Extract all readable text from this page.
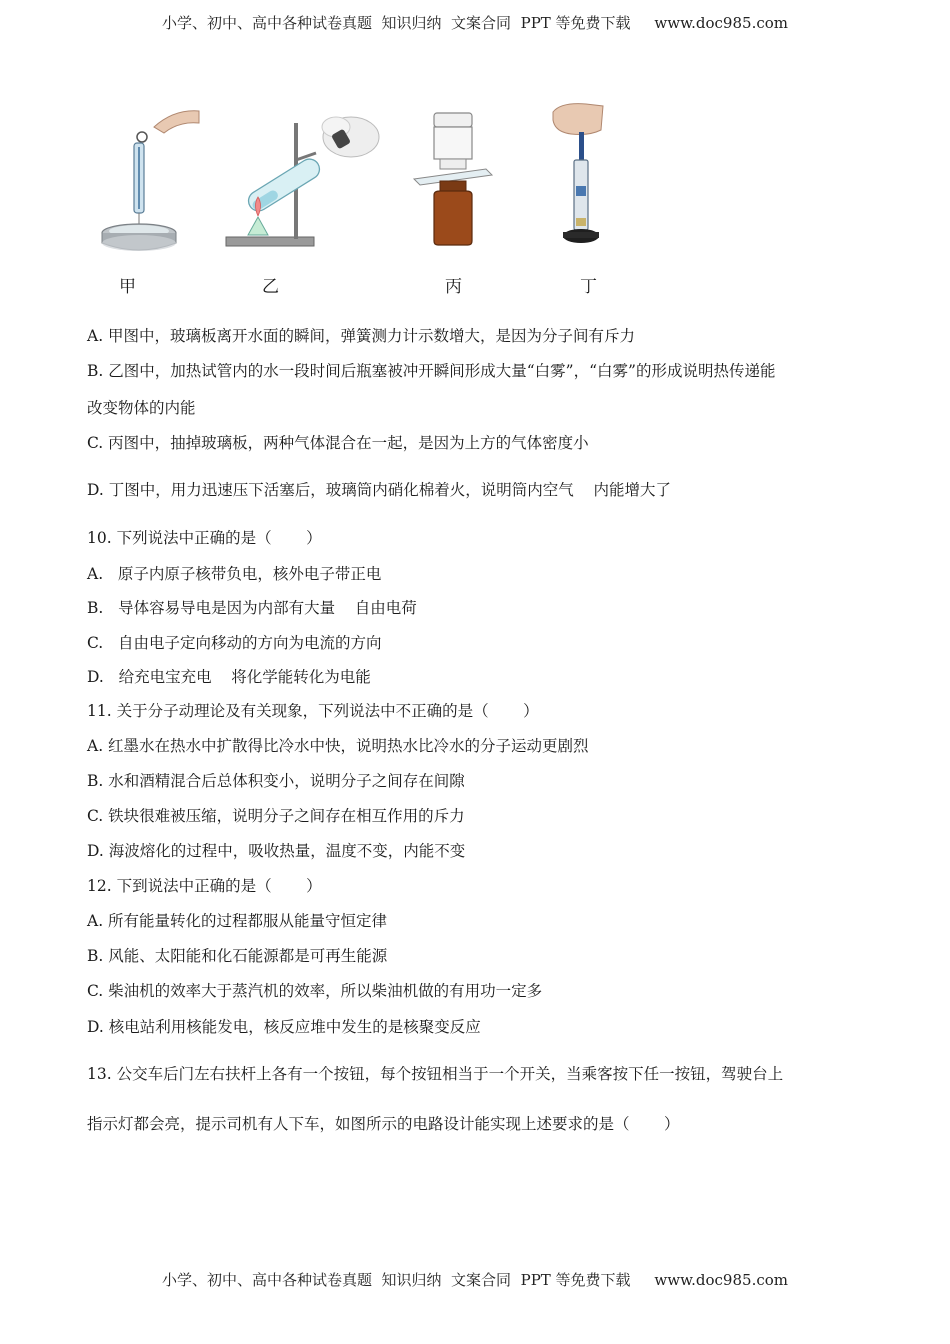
小学、初中、高中各种试卷真题  知识归纳  文案合同  PPT 等免费下载     www.doc985.com
甲	乙	丙	丁
A. 甲图中，玻璃板离开水面的瞬间，弹簧测力计示数增大，是因为分子间有斥力
B. 乙图中，加热试管内的水一段时间后瓶塞被冲开瞬间形成大量“白雾”，“白雾”的形成说明热传递能
改变物体的内能
C. 丙图中，抽掉玻璃板，两种气体混合在一起，是因为上方的气体密度小
D. 丁图中，用力迅速压下活塞后，玻璃筒内硝化棉着火，说明筒内空气    内能增大了
10. 下列说法中正确的是（       ）
A.   原子内原子核带负电，核外电子带正电
B.   导体容易导电是因为内部有大量    自由电荷
C.   自由电子定向移动的方向为电流的方向
D.   给充电宝充电    将化学能转化为电能
11. 关于分子动理论及有关现象，下列说法中不正确的是（       ）
A. 红墨水在热水中扩散得比冷水中快，说明热水比冷水的分子运动更剧烈
B. 水和酒精混合后总体积变小，说明分子之间存在间隙
C. 铁块很难被压缩，说明分子之间存在相互作用的斥力
D. 海波熔化的过程中，吸收热量，温度不变，内能不变
12. 下到说法中正确的是（       ）
A. 所有能量转化的过程都服从能量守恒定律
B. 风能、太阳能和化石能源都是可再生能源
C. 柴油机的效率大于蒸汽机的效率，所以柴油机做的有用功一定多
D. 核电站利用核能发电，核反应堆中发生的是核聚变反应
13. 公交车后门左右扶杆上各有一个按钮，每个按钮相当于一个开关，当乘客按下任一按钮，驾驶台上
指示灯都会亮，提示司机有人下车，如图所示的电路设计能实现上述要求的是（       ）
小学、初中、高中各种试卷真题  知识归纳  文案合同  PPT 等免费下载     www.doc985.com
